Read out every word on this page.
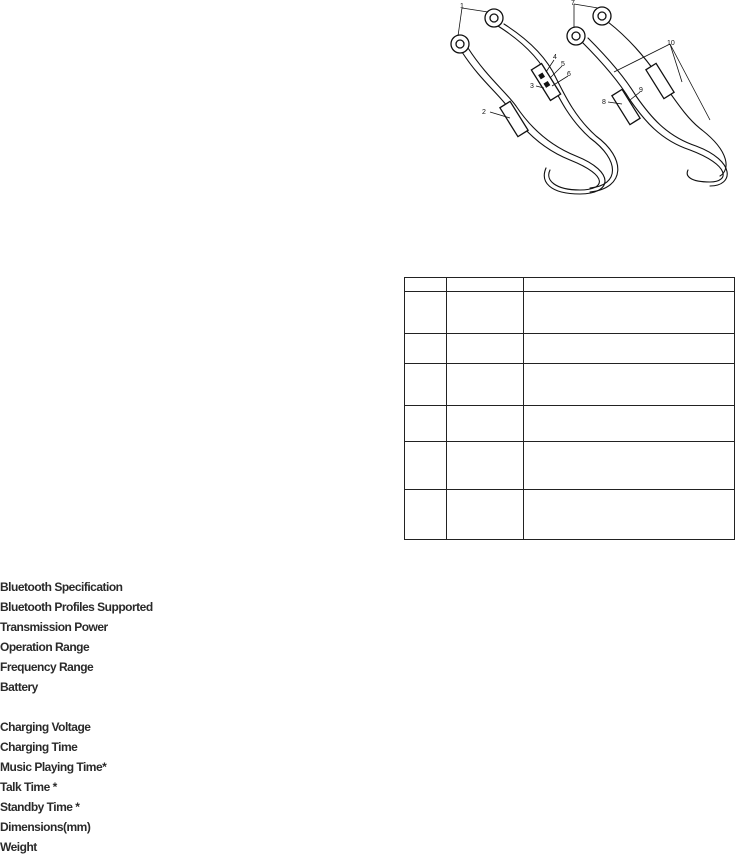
1
2
3
4
5
6
7
8
9
10

Bluetooth Specification
Bluetooth Profiles Supported
Transmission Power
Operation Range
Frequency Range
Battery
Charging Voltage
Charging Time
Music Playing Time*
Talk Time *
Standby Time *
Dimensions(mm)
Weight
